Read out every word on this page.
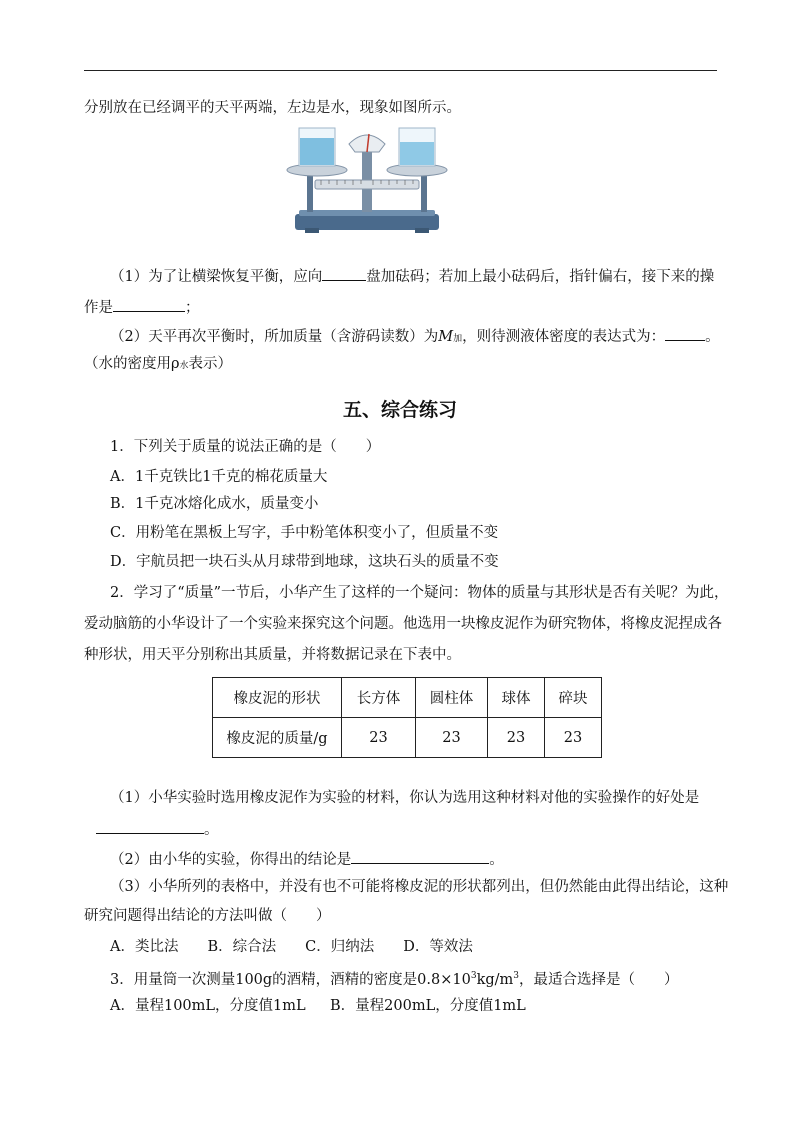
分别放在已经调平的天平两端，左边是水，现象如图所示。
（1）为了让横梁恢复平衡，应向	盘加砝码；若加上最小砝码后，指针偏右，接下来的操
作是	；
（2）天平再次平衡时，所加质量（含游码读数）为M加，则待测液体密度的表达式为：	。
（水的密度用ρ水表示）
五、综合练习
1．下列关于质量的说法正确的是（　　）
A．1千克铁比1千克的棉花质量大
B．1千克冰熔化成水，质量变小
C．用粉笔在黑板上写字，手中粉笔体积变小了，但质量不变
D．宇航员把一块石头从月球带到地球，这块石头的质量不变
2．学习了“质量”一节后，小华产生了这样的一个疑问：物体的质量与其形状是否有关呢？为此，
爱动脑筋的小华设计了一个实验来探究这个问题。他选用一块橡皮泥作为研究物体，将橡皮泥捏成各
种形状，用天平分别称出其质量，并将数据记录在下表中。
橡皮泥的形状	长方体	圆柱体	球体	碎块
橡皮泥的质量/g	23	23	23	23
（1）小华实验时选用橡皮泥作为实验的材料，你认为选用这种材料对他的实验操作的好处是
。
（2）由小华的实验，你得出的结论是	。
（3）小华所列的表格中，并没有也不可能将橡皮泥的形状都列出，但仍然能由此得出结论，这种
研究问题得出结论的方法叫做（　　）
A．类比法　　B．综合法　　C．归纳法　　D．等效法
3．用量筒一次测量100g的酒精，酒精的密度是$0.8\times 10^3kg/m^3$，最适合选择是（　　）
A．量程100mL，分度值1mL B．量程200mL，分度值1mL
